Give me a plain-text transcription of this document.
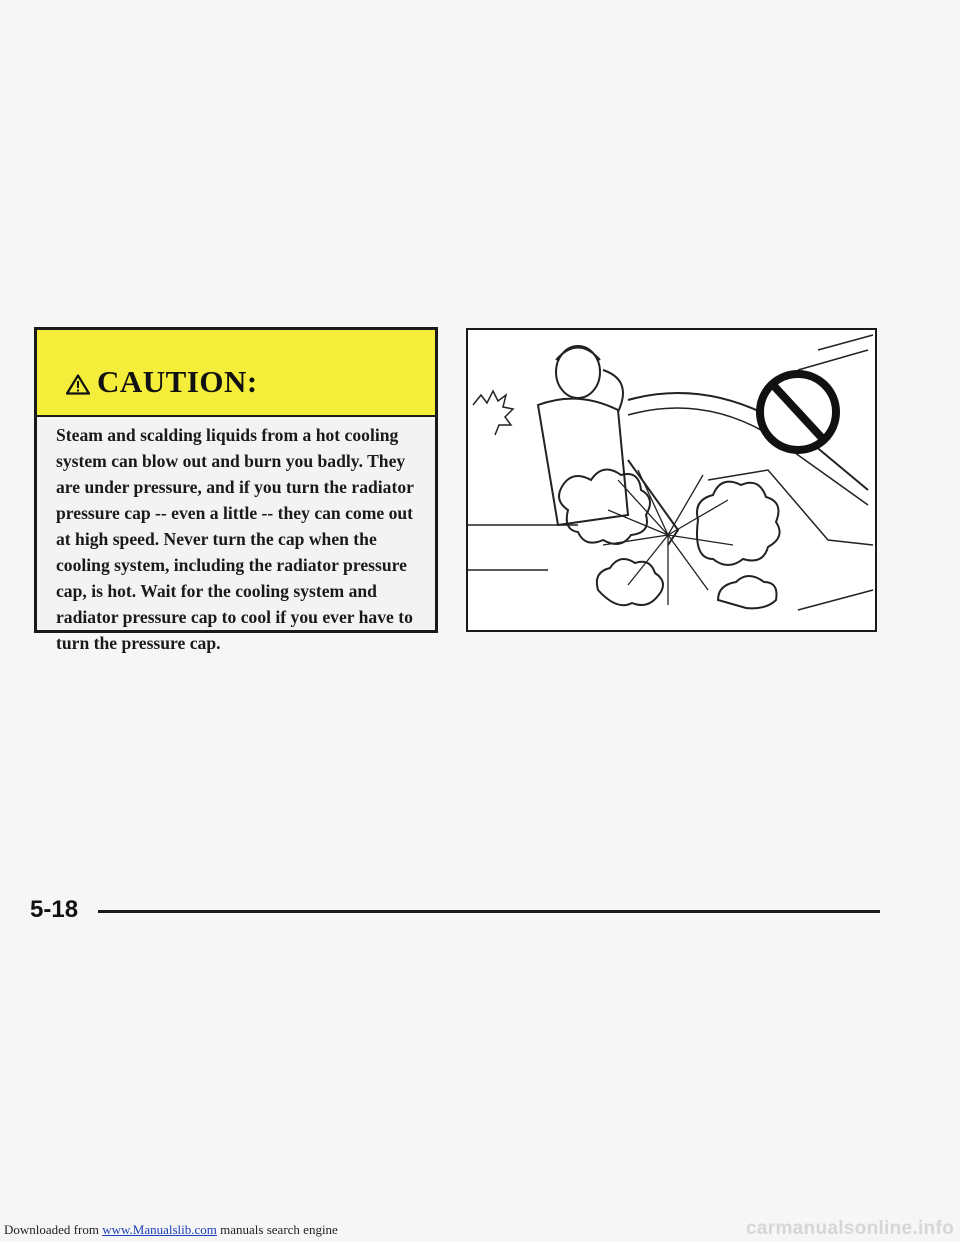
CAUTION:

Steam and scalding liquids from a hot cooling system can blow out and burn you badly. They are under pressure, and if you turn the radiator pressure cap -- even a little -- they can come out at high speed. Never turn the cap when the cooling system, including the radiator pressure cap, is hot. Wait for the cooling system and radiator pressure cap to cool if you ever have to turn the pressure cap.

5-18

Downloaded from www.Manualslib.com manuals search engine	carmanualsonline.info
